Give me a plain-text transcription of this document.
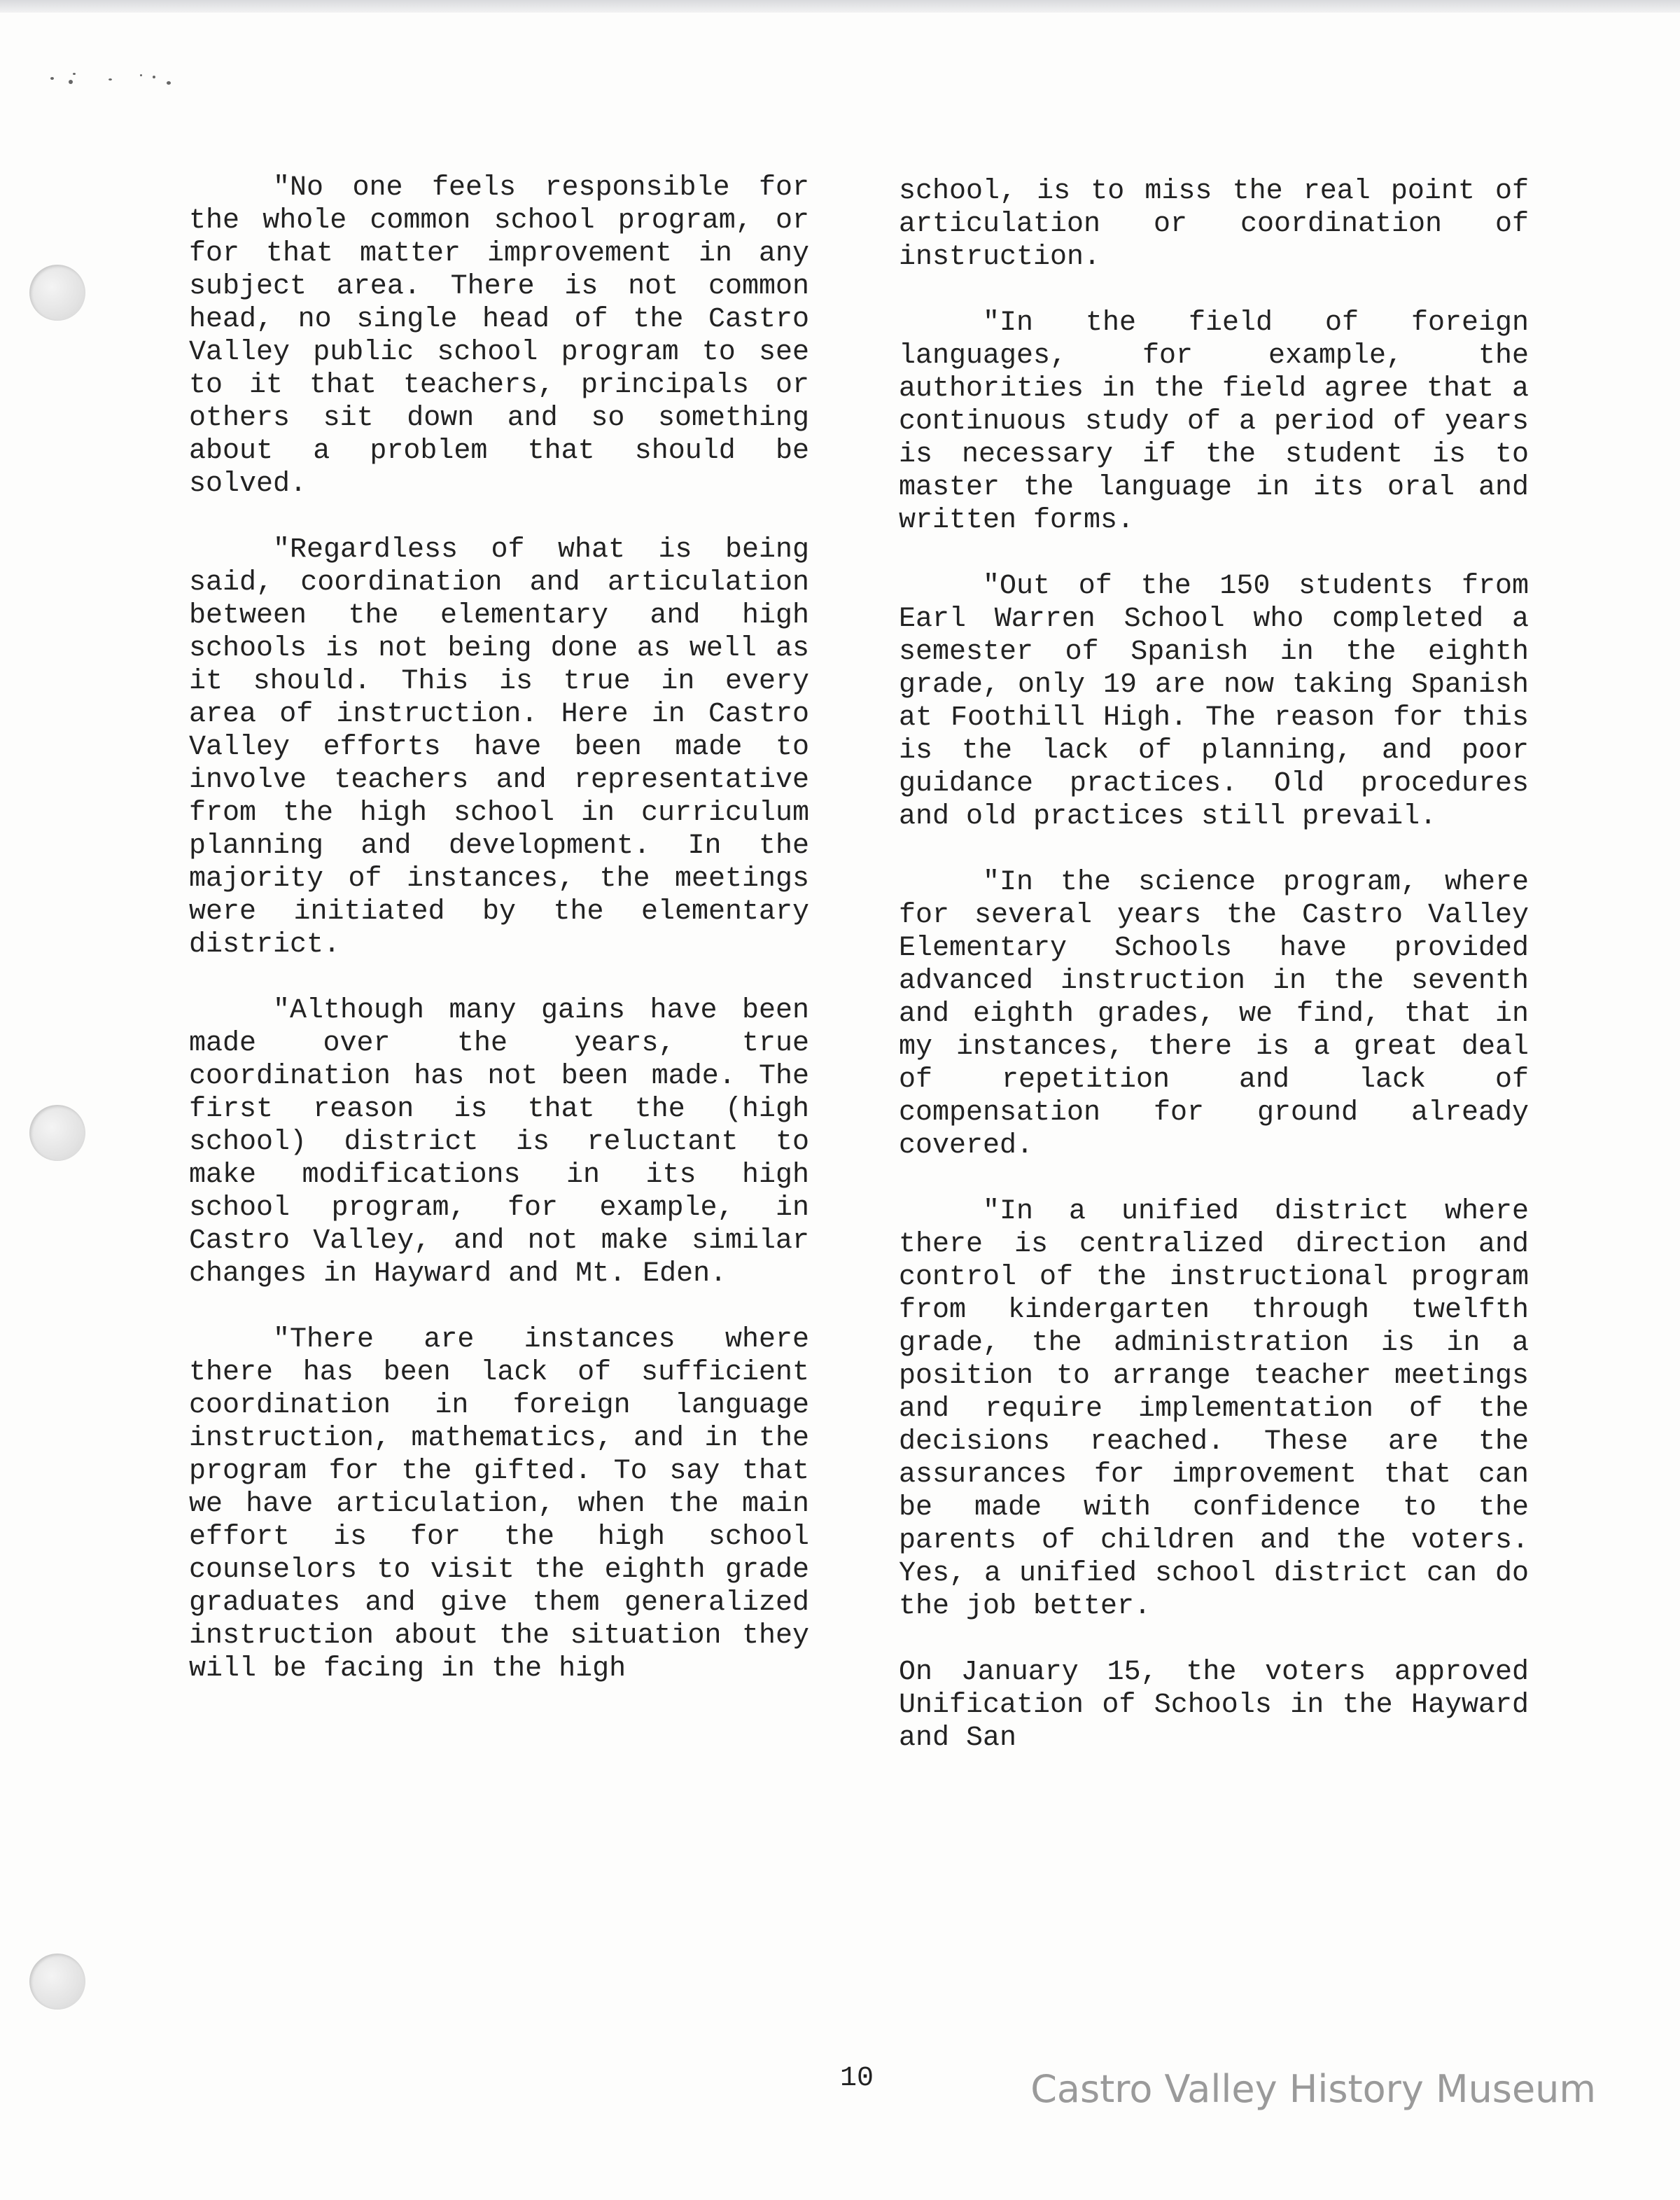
"No one feels responsible for the whole common school program, or for that matter improvement in any subject area. There is not common head, no single head of the Castro Valley public school program to see to it that teachers, principals or others sit down and so something about a problem that should be solved.

"Regardless of what is being said, coordination and articulation between the elementary and high schools is not being done as well as it should. This is true in every area of instruction. Here in Castro Valley efforts have been made to involve teachers and representative from the high school in curriculum planning and development. In the majority of instances, the meetings were initiated by the elementary district.

"Although many gains have been made over the years, true coordination has not been made. The first reason is that the (high school) district is reluctant to make modifications in its high school program, for example, in Castro Valley, and not make similar changes in Hayward and Mt. Eden.

"There are instances where there has been lack of sufficient coordination in foreign language instruction, mathematics, and in the program for the gifted. To say that we have articulation, when the main effort is for the high school counselors to visit the eighth grade graduates and give them generalized instruction about the situation they will be facing in the high

school, is to miss the real point of articulation or coordination of instruction.

"In the field of foreign languages, for example, the authorities in the field agree that a continuous study of a period of years is necessary if the student is to master the language in its oral and written forms.

"Out of the 150 students from Earl Warren School who completed a semester of Spanish in the eighth grade, only 19 are now taking Spanish at Foothill High. The reason for this is the lack of planning, and poor guidance practices. Old procedures and old practices still prevail.

"In the science program, where for several years the Castro Valley Elementary Schools have provided advanced instruction in the seventh and eighth grades, we find, that in my instances, there is a great deal of repetition and lack of compensation for ground already covered.

"In a unified district where there is centralized direction and control of the instructional program from kindergarten through twelfth grade, the administration is in a position to arrange teacher meetings and require implementation of the decisions reached. These are the assurances for improvement that can be made with confidence to the parents of children and the voters. Yes, a unified school district can do the job better.

On January 15, the voters approved Unification of Schools in the Hayward and San

10	Castro Valley History Museum
